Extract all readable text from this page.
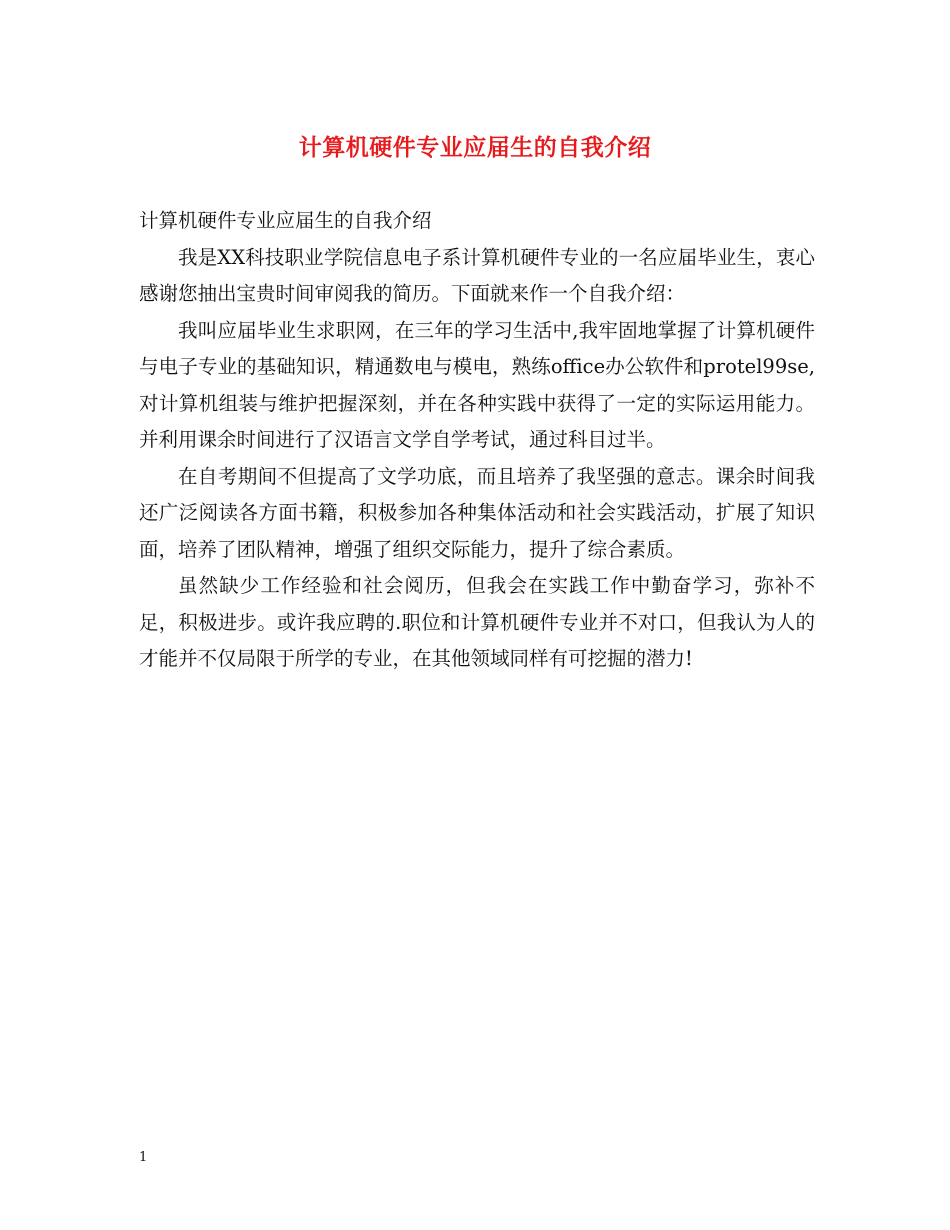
计算机硬件专业应届生的自我介绍

计算机硬件专业应届生的自我介绍

我是XX科技职业学院信息电子系计算机硬件专业的一名应届毕业生，衷心感谢您抽出宝贵时间审阅我的简历。下面就来作一个自我介绍：

我叫应届毕业生求职网，在三年的学习生活中,我牢固地掌握了计算机硬件与电子专业的基础知识，精通数电与模电，熟练office办公软件和protel99se,对计算机组装与维护把握深刻，并在各种实践中获得了一定的实际运用能力。并利用课余时间进行了汉语言文学自学考试，通过科目过半。

在自考期间不但提高了文学功底，而且培养了我坚强的意志。课余时间我还广泛阅读各方面书籍，积极参加各种集体活动和社会实践活动，扩展了知识面，培养了团队精神，增强了组织交际能力，提升了综合素质。

虽然缺少工作经验和社会阅历，但我会在实践工作中勤奋学习，弥补不足，积极进步。或许我应聘的.职位和计算机硬件专业并不对口，但我认为人的才能并不仅局限于所学的专业，在其他领域同样有可挖掘的潜力!

1
